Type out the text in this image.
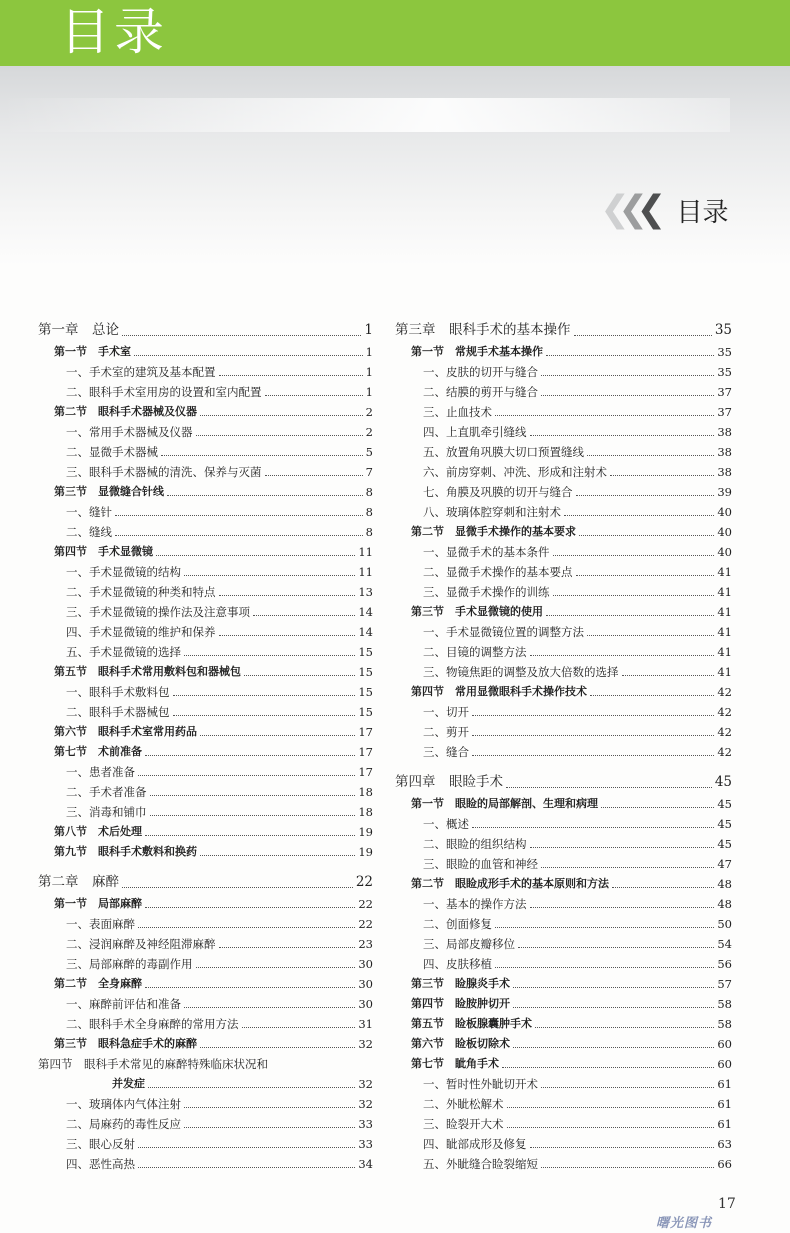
目录
❮❮❮ 目录
第一章　总论	1
第一节　手术室	1
一、手术室的建筑及基本配置	1
二、眼科手术室用房的设置和室内配置	1
第二节　眼科手术器械及仪器	2
一、常用手术器械及仪器	2
二、显微手术器械	5
三、眼科手术器械的清洗、保养与灭菌	7
第三节　显微缝合针线	8
一、缝针	8
二、缝线	8
第四节　手术显微镜	11
一、手术显微镜的结构	11
二、手术显微镜的种类和特点	13
三、手术显微镜的操作法及注意事项	14
四、手术显微镜的维护和保养	14
五、手术显微镜的选择	15
第五节　眼科手术常用敷料包和器械包	15
一、眼科手术敷料包	15
二、眼科手术器械包	15
第六节　眼科手术室常用药品	17
第七节　术前准备	17
一、患者准备	17
二、手术者准备	18
三、消毒和铺巾	18
第八节　术后处理	19
第九节　眼科手术敷料和换药	19
第二章　麻醉	22
第一节　局部麻醉	22
一、表面麻醉	22
二、浸润麻醉及神经阻滞麻醉	23
三、局部麻醉的毒副作用	30
第二节　全身麻醉	30
一、麻醉前评估和准备	30
二、眼科手术全身麻醉的常用方法	31
第三节　眼科急症手术的麻醉	32
第四节　眼科手术常见的麻醉特殊临床状况和
并发症	32
一、玻璃体内气体注射	32
二、局麻药的毒性反应	33
三、眼心反射	33
四、恶性高热	34
第三章　眼科手术的基本操作	35
第一节　常规手术基本操作	35
一、皮肤的切开与缝合	35
二、结膜的剪开与缝合	37
三、止血技术	37
四、上直肌牵引缝线	38
五、放置角巩膜大切口预置缝线	38
六、前房穿刺、冲洗、形成和注射术	38
七、角膜及巩膜的切开与缝合	39
八、玻璃体腔穿刺和注射术	40
第二节　显微手术操作的基本要求	40
一、显微手术的基本条件	40
二、显微手术操作的基本要点	41
三、显微手术操作的训练	41
第三节　手术显微镜的使用	41
一、手术显微镜位置的调整方法	41
二、目镜的调整方法	41
三、物镜焦距的调整及放大倍数的选择	41
第四节　常用显微眼科手术操作技术	42
一、切开	42
二、剪开	42
三、缝合	42
第四章　眼睑手术	45
第一节　眼睑的局部解剖、生理和病理	45
一、概述	45
二、眼睑的组织结构	45
三、眼睑的血管和神经	47
第二节　眼睑成形手术的基本原则和方法	48
一、基本的操作方法	48
二、创面修复	50
三、局部皮瓣移位	54
四、皮肤移植	56
第三节　睑腺炎手术	57
第四节　睑胺肿切开	58
第五节　睑板腺囊肿手术	58
第六节　睑板切除术	60
第七节　眦角手术	60
一、暂时性外眦切开术	61
二、外眦松解术	61
三、睑裂开大术	61
四、眦部成形及修复	63
五、外眦缝合睑裂缩短	66
17
曙光图书
